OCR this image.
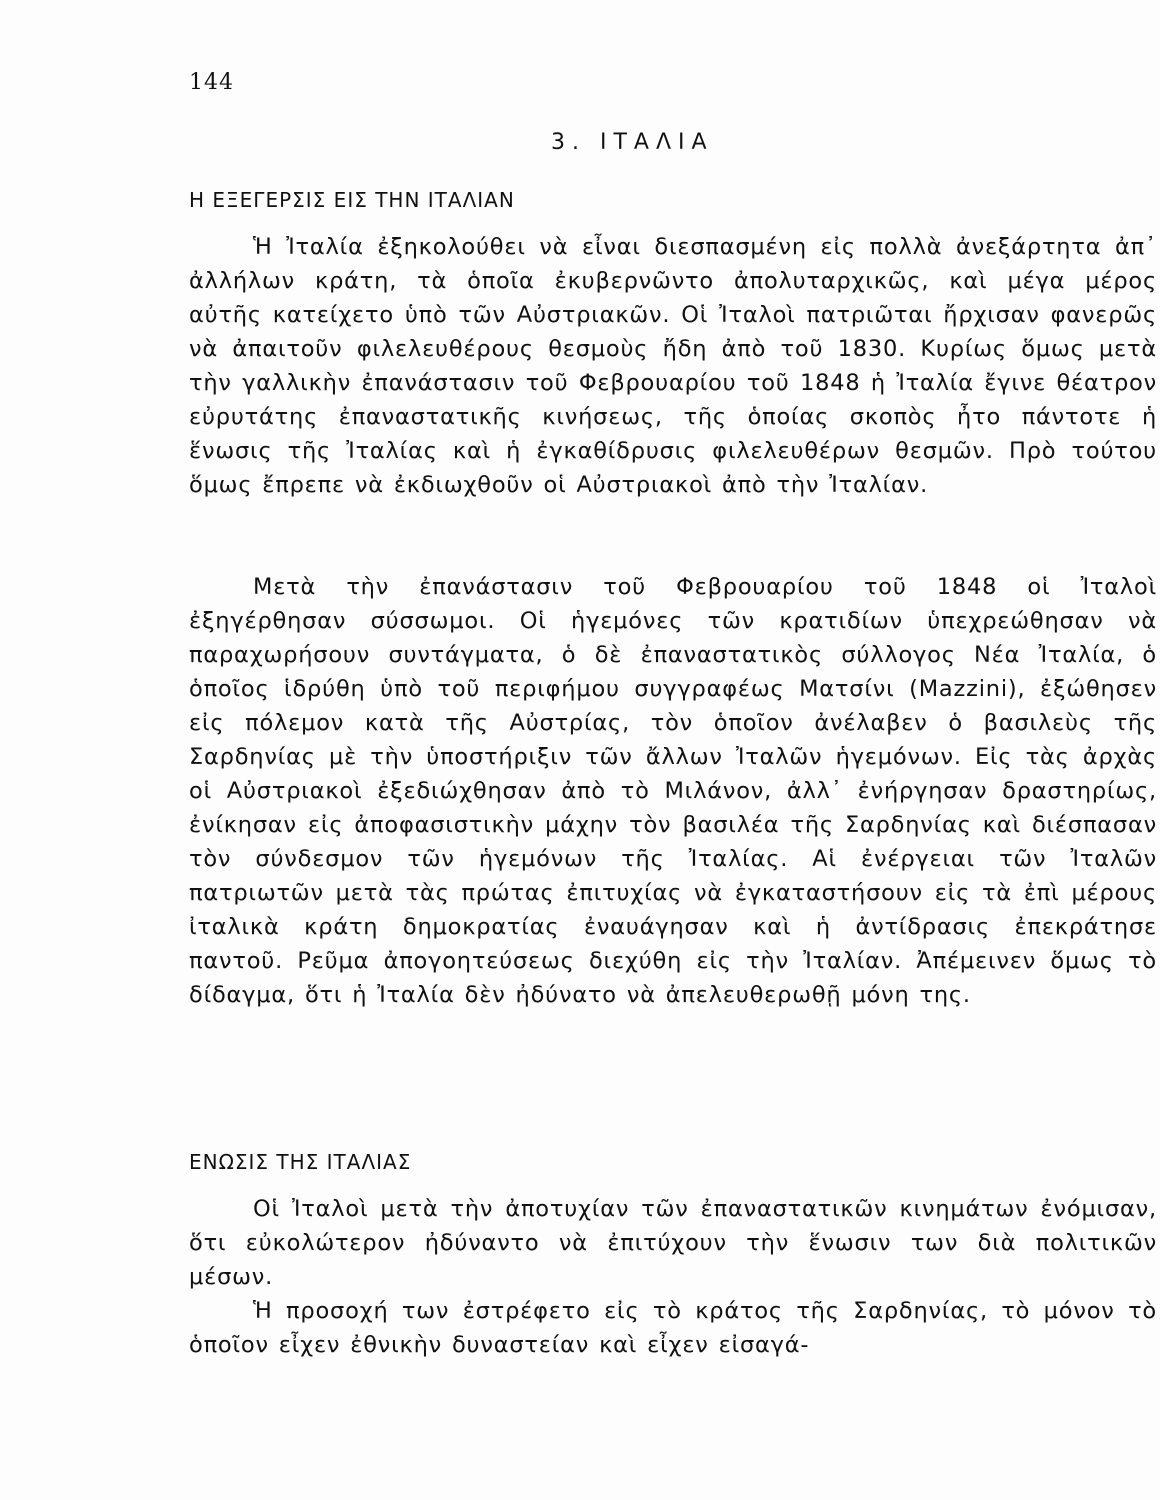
144
3. ΙΤΑΛΙΑ
Η ΕΞΕΓΕΡΣΙΣ ΕΙΣ ΤΗΝ ΙΤΑΛΙΑΝ

Ἡ Ἰταλία ἐξηκολούθει νὰ εἶναι διεσπασμένη εἰς πολλὰ ἀνεξάρτητα ἀπ᾽ ἀλλήλων κράτη, τὰ ὁποῖα ἐκυβερνῶντο ἀπολυταρχικῶς, καὶ μέγα μέρος αὐτῆς κατείχετο ὑπὸ τῶν Αὐστριακῶν. Οἱ Ἰταλοὶ πατριῶται ἤρχισαν φανερῶς νὰ ἀπαιτοῦν φιλελευθέρους θεσμοὺς ἤδη ἀπὸ τοῦ 1830. Κυρίως ὅμως μετὰ τὴν γαλλικὴν ἐπανάστασιν τοῦ Φεβρουαρίου τοῦ 1848 ἡ Ἰταλία ἔγινε θέατρον εὐρυτάτης ἐπαναστατικῆς κινήσεως, τῆς ὁποίας σκοπὸς ἦτο πάντοτε ἡ ἕνωσις τῆς Ἰταλίας καὶ ἡ ἐγκαθίδρυσις φιλελευθέρων θεσμῶν. Πρὸ τούτου ὅμως ἔπρεπε νὰ ἐκδιωχθοῦν οἱ Αὐστριακοὶ ἀπὸ τὴν Ἰταλίαν.

Μετὰ τὴν ἐπανάστασιν τοῦ Φεβρουαρίου τοῦ 1848 οἱ Ἰταλοὶ ἐξηγέρθησαν σύσσωμοι. Οἱ ἡγεμόνες τῶν κρατιδίων ὑπεχρεώθησαν νὰ παραχωρήσουν συντάγματα, ὁ δὲ ἐπαναστατικὸς σύλλογος Νέα Ἰταλία, ὁ ὁποῖος ἱδρύθη ὑπὸ τοῦ περιφήμου συγγραφέως Ματσίνι (Mazzini), ἐξώθησεν εἰς πόλεμον κατὰ τῆς Αὐστρίας, τὸν ὁποῖον ἀνέλαβεν ὁ βασιλεὺς τῆς Σαρδηνίας μὲ τὴν ὑποστήριξιν τῶν ἄλλων Ἰταλῶν ἡγεμόνων. Εἰς τὰς ἀρχὰς οἱ Αὐστριακοὶ ἐξεδιώχθησαν ἀπὸ τὸ Μιλάνον, ἀλλ᾽ ἐνήργησαν δραστηρίως, ἐνίκησαν εἰς ἀποφασιστικὴν μάχην τὸν βασιλέα τῆς Σαρδηνίας καὶ διέσπασαν τὸν σύνδεσμον τῶν ἡγεμόνων τῆς Ἰταλίας. Αἱ ἐνέργειαι τῶν Ἰταλῶν πατριωτῶν μετὰ τὰς πρώτας ἐπιτυχίας νὰ ἐγκαταστήσουν εἰς τὰ ἐπὶ μέρους ἰταλικὰ κράτη δημοκρατίας ἐναυάγησαν καὶ ἡ ἀντίδρασις ἐπεκράτησε παντοῦ. Ρεῦμα ἀπογοητεύσεως διεχύθη εἰς τὴν Ἰταλίαν. Ἀπέμεινεν ὅμως τὸ δίδαγμα, ὅτι ἡ Ἰταλία δὲν ἠδύνατο νὰ ἀπελευθερωθῇ μόνη της.

ΕΝΩΣΙΣ ΤΗΣ ΙΤΑΛΙΑΣ

Οἱ Ἰταλοὶ μετὰ τὴν ἀποτυχίαν τῶν ἐπαναστατικῶν κινημάτων ἐνόμισαν, ὅτι εὐκολώτερον ἠδύναντο νὰ ἐπιτύχουν τὴν ἕνωσιν των διὰ πολιτικῶν μέσων.

Ἡ προσοχή των ἐστρέφετο εἰς τὸ κράτος τῆς Σαρδηνίας, τὸ μόνον τὸ ὁποῖον εἶχεν ἐθνικὴν δυναστείαν καὶ εἶχεν εἰσαγά-
